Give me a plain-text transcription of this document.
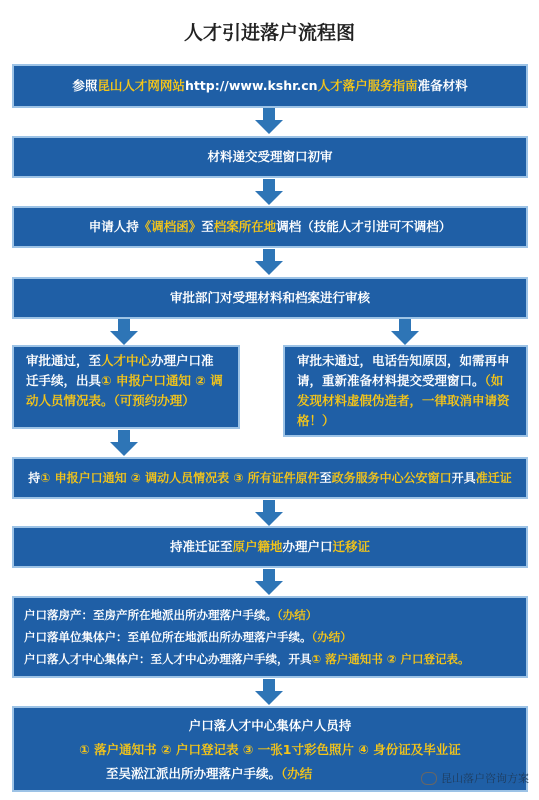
人才引进落户流程图
参照昆山人才网网站http://www.kshr.cn人才落户服务指南准备材料
材料递交受理窗口初审
申请人持《调档函》至档案所在地调档（技能人才引进可不调档）
审批部门对受理材料和档案进行审核
审批通过，至人才中心办理户口准迁手续，出具① 申报户口通知 ② 调动人员情况表。（可预约办理）
审批未通过，电话告知原因，如需再申请，重新准备材料提交受理窗口。（如发现材料虚假伪造者，一律取消申请资格！）
持① 申报户口通知 ② 调动人员情况表 ③ 所有证件原件至政务服务中心公安窗口开具准迁证
持准迁证至原户籍地办理户口迁移证
户口落房产：至房产所在地派出所办理落户手续。（办结）
户口落单位集体户：至单位所在地派出所办理落户手续。（办结）
户口落人才中心集体户：至人才中心办理落户手续，开具① 落户通知书 ② 户口登记表。
户口落人才中心集体户人员持
① 落户通知书 ② 户口登记表 ③ 一张1寸彩色照片 ④ 身份证及毕业证
至吴淞江派出所办理落户手续。（办结	昆山落户咨询方案
